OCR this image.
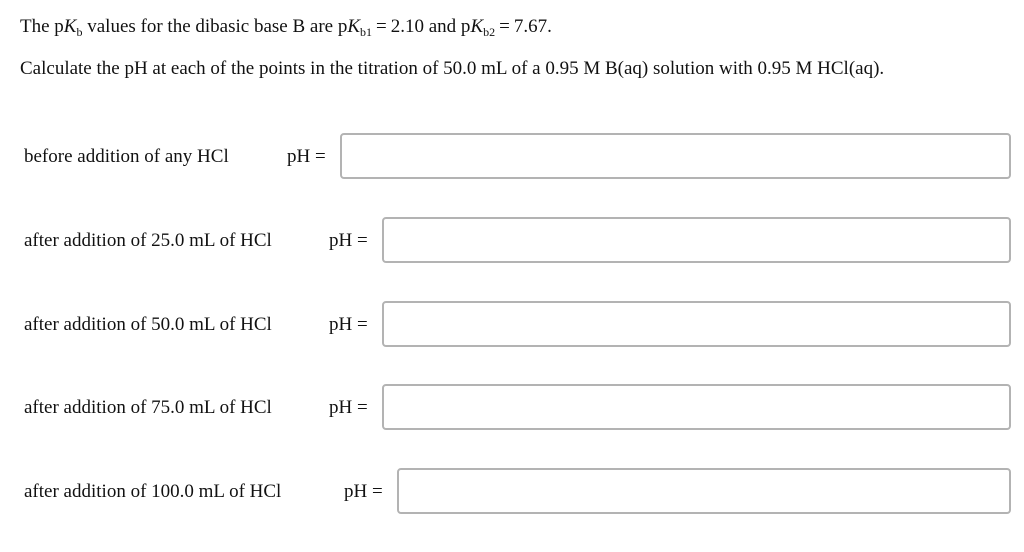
The $pK_b$ values for the dibasic base B are $pK_{b1} = 2.10$ and $pK_{b2} = 7.67$.
Calculate the pH at each of the points in the titration of 50.0 mL of a 0.95 M B(aq) solution with 0.95 M HCl(aq).
before addition of any HCl	pH =
after addition of 25.0 mL of HCl	pH =
after addition of 50.0 mL of HCl	pH =
after addition of 75.0 mL of HCl	pH =
after addition of 100.0 mL of HCl	pH =
